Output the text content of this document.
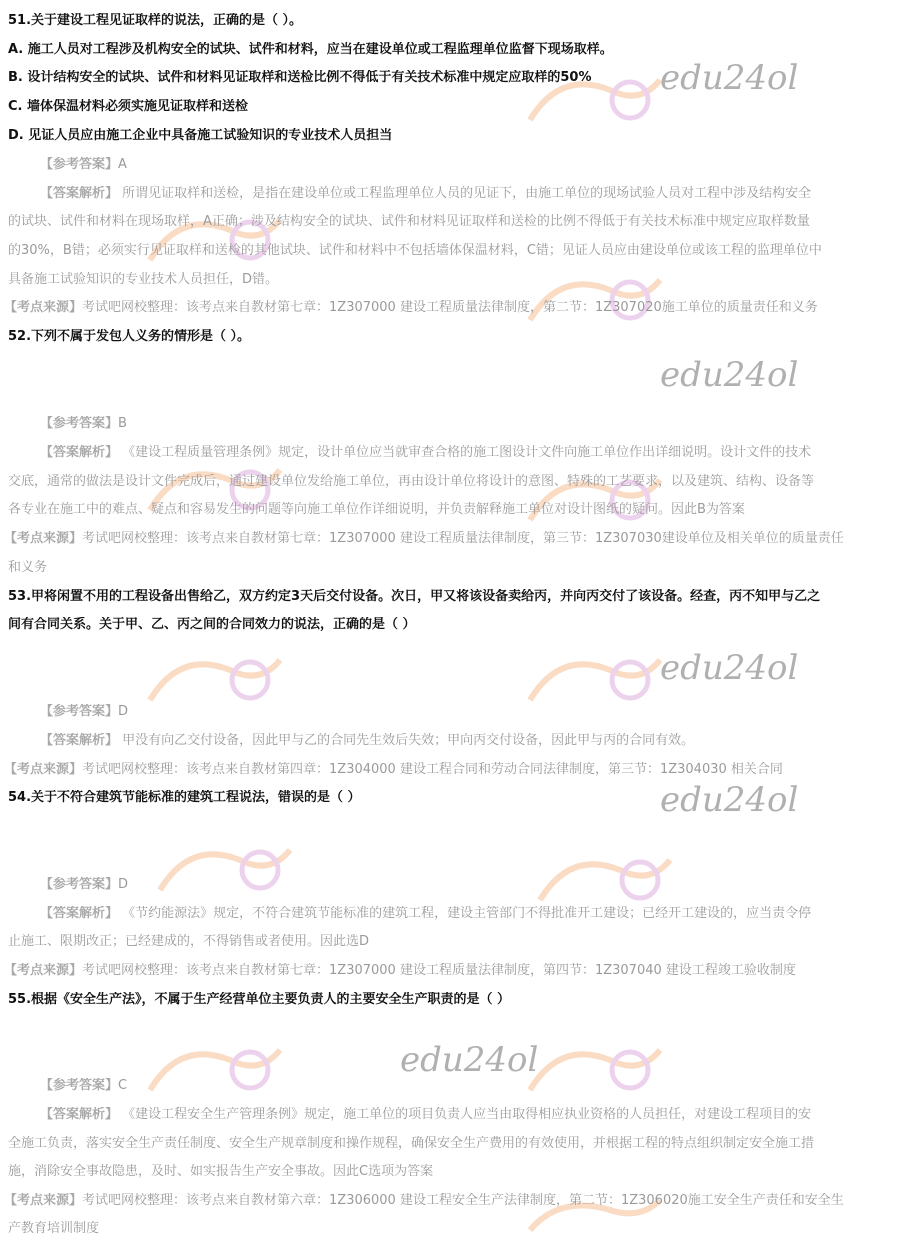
edu24ol
edu24ol
edu24ol
edu24ol
edu24ol
51.关于建设工程见证取样的说法，正确的是（ ）。
A. 施工人员对工程涉及机构安全的试块、试件和材料，应当在建设单位或工程监理单位监督下现场取样。
B. 设计结构安全的试块、试件和材料见证取样和送检比例不得低于有关技术标准中规定应取样的50%
C. 墙体保温材料必须实施见证取样和送检
D. 见证人员应由施工企业中具备施工试验知识的专业技术人员担当
【参考答案】A
【答案解析】 所谓见证取样和送检，是指在建设单位或工程监理单位人员的见证下，由施工单位的现场试验人员对工程中涉及结构安全
的试块、试件和材料在现场取样，A正确；涉及结构安全的试块、试件和材料见证取样和送检的比例不得低于有关技术标准中规定应取样数量
的30%，B错；必须实行见证取样和送检的其他试块、试件和材料中不包括墙体保温材料，C错；见证人员应由建设单位或该工程的监理单位中
具备施工试验知识的专业技术人员担任，D错。
【考点来源】考试吧网校整理：该考点来自教材第七章：1Z307000 建设工程质量法律制度，第二节：1Z307020施工单位的质量责任和义务
52.下列不属于发包人义务的情形是（ ）。
【参考答案】B
【答案解析】 《建设工程质量管理条例》规定，设计单位应当就审查合格的施工图设计文件向施工单位作出详细说明。设计文件的技术
交底，通常的做法是设计文件完成后，通过建设单位发给施工单位，再由设计单位将设计的意图、特殊的工艺要求，以及建筑、结构、设备等
各专业在施工中的难点、疑点和容易发生的问题等向施工单位作详细说明，并负责解释施工单位对设计图纸的疑问。因此B为答案
【考点来源】考试吧网校整理：该考点来自教材第七章：1Z307000 建设工程质量法律制度，第三节：1Z307030建设单位及相关单位的质量责任
和义务
53.甲将闲置不用的工程设备出售给乙，双方约定3天后交付设备。次日，甲又将该设备卖给丙，并向丙交付了该设备。经查，丙不知甲与乙之
间有合同关系。关于甲、乙、丙之间的合同效力的说法，正确的是（ ）
【参考答案】D
【答案解析】 甲没有向乙交付设备，因此甲与乙的合同先生效后失效；甲向丙交付设备，因此甲与丙的合同有效。
【考点来源】考试吧网校整理：该考点来自教材第四章：1Z304000 建设工程合同和劳动合同法律制度，第三节：1Z304030 相关合同
54.关于不符合建筑节能标准的建筑工程说法，错误的是（ ）
【参考答案】D
【答案解析】 《节约能源法》规定，不符合建筑节能标准的建筑工程，建设主管部门不得批准开工建设；已经开工建设的，应当责令停
止施工、限期改正；已经建成的，不得销售或者使用。因此选D
【考点来源】考试吧网校整理：该考点来自教材第七章：1Z307000 建设工程质量法律制度，第四节：1Z307040 建设工程竣工验收制度
55.根据《安全生产法》，不属于生产经营单位主要负责人的主要安全生产职责的是（ ）
【参考答案】C
【答案解析】 《建设工程安全生产管理条例》规定，施工单位的项目负责人应当由取得相应执业资格的人员担任，对建设工程项目的安
全施工负责，落实安全生产责任制度、安全生产规章制度和操作规程，确保安全生产费用的有效使用，并根据工程的特点组织制定安全施工措
施，消除安全事故隐患，及时、如实报告生产安全事故。因此C选项为答案
【考点来源】考试吧网校整理：该考点来自教材第六章：1Z306000 建设工程安全生产法律制度，第二节：1Z306020施工安全生产责任和安全生
产教育培训制度
